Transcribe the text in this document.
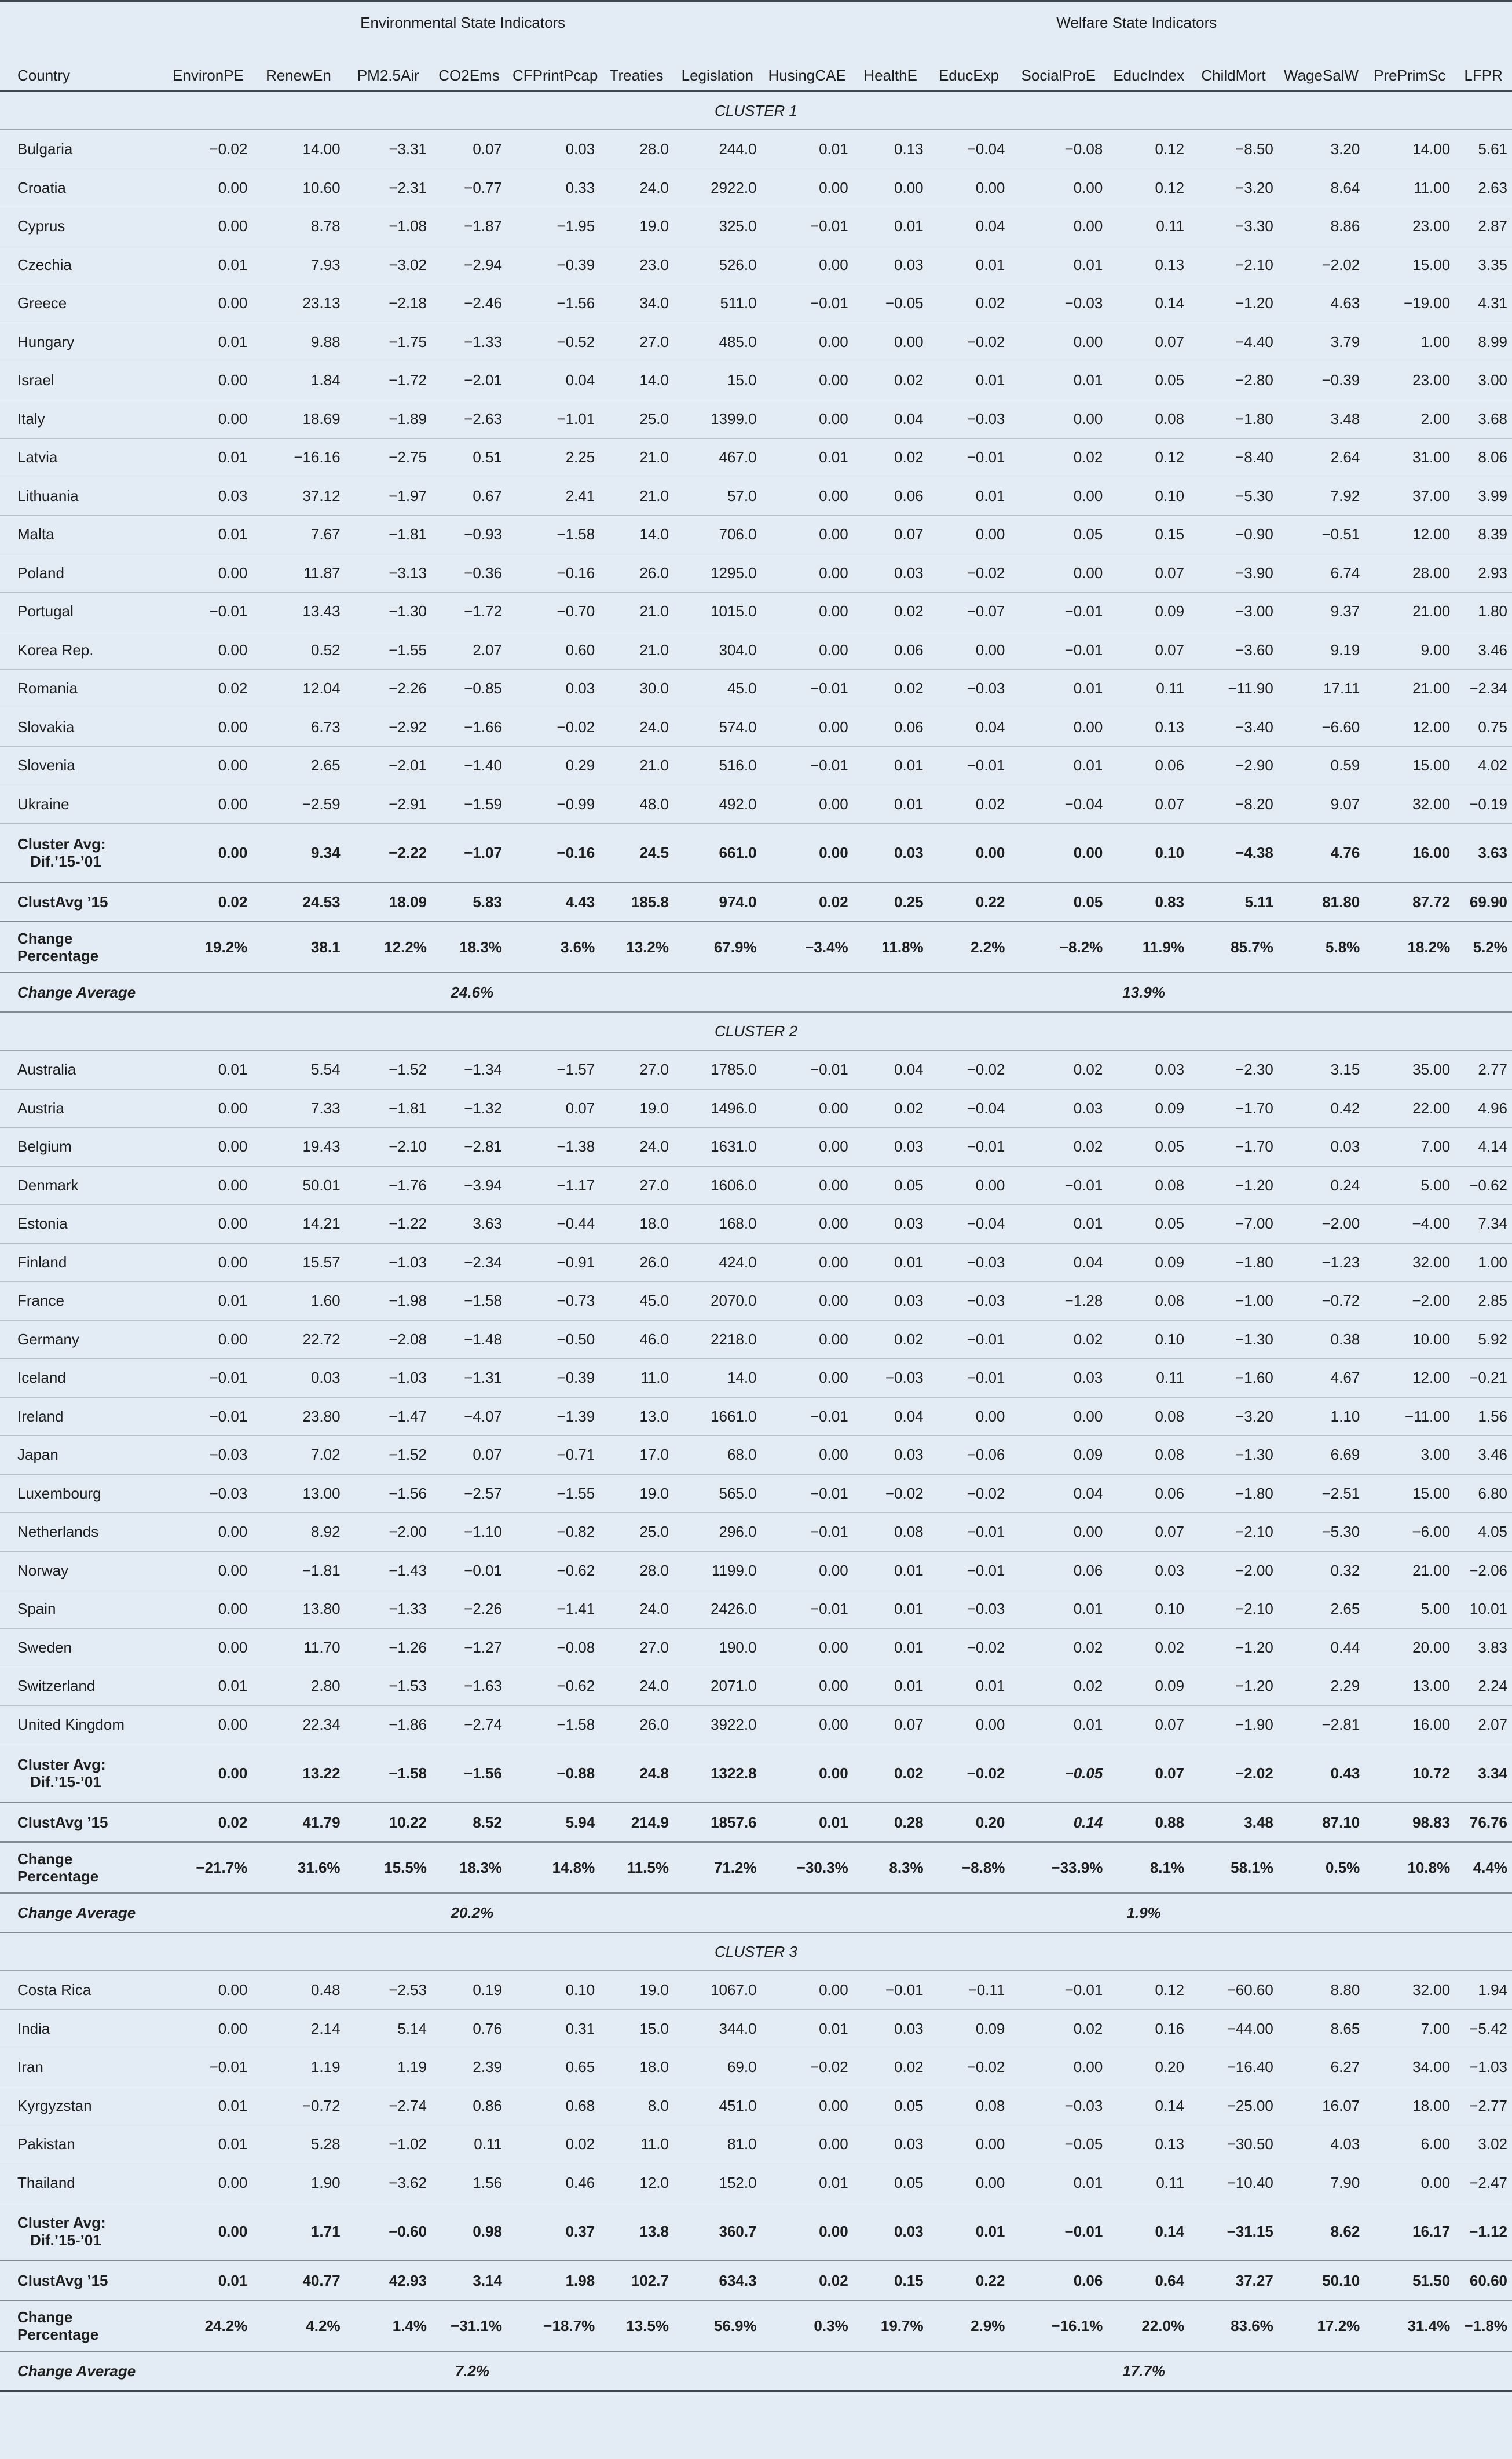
	Environmental State Indicators							Welfare State Indicators								
Country	EnvironPE	RenewEn	PM2.5Air	CO2Ems	CFPrintPcap	Treaties	Legislation	HusingCAE	HealthE	EducExp	SocialProE	EducIndex	ChildMort	WageSalW	PrePrimSc	LFPR
CLUSTER 1																
Bulgaria	−0.02	14.00	−3.31	0.07	0.03	28.0	244.0	0.01	0.13	−0.04	−0.08	0.12	−8.50	3.20	14.00	5.61
Croatia	0.00	10.60	−2.31	−0.77	0.33	24.0	2922.0	0.00	0.00	0.00	0.00	0.12	−3.20	8.64	11.00	2.63
Cyprus	0.00	8.78	−1.08	−1.87	−1.95	19.0	325.0	−0.01	0.01	0.04	0.00	0.11	−3.30	8.86	23.00	2.87
Czechia	0.01	7.93	−3.02	−2.94	−0.39	23.0	526.0	0.00	0.03	0.01	0.01	0.13	−2.10	−2.02	15.00	3.35
Greece	0.00	23.13	−2.18	−2.46	−1.56	34.0	511.0	−0.01	−0.05	0.02	−0.03	0.14	−1.20	4.63	−19.00	4.31
Hungary	0.01	9.88	−1.75	−1.33	−0.52	27.0	485.0	0.00	0.00	−0.02	0.00	0.07	−4.40	3.79	1.00	8.99
Israel	0.00	1.84	−1.72	−2.01	0.04	14.0	15.0	0.00	0.02	0.01	0.01	0.05	−2.80	−0.39	23.00	3.00
Italy	0.00	18.69	−1.89	−2.63	−1.01	25.0	1399.0	0.00	0.04	−0.03	0.00	0.08	−1.80	3.48	2.00	3.68
Latvia	0.01	−16.16	−2.75	0.51	2.25	21.0	467.0	0.01	0.02	−0.01	0.02	0.12	−8.40	2.64	31.00	8.06
Lithuania	0.03	37.12	−1.97	0.67	2.41	21.0	57.0	0.00	0.06	0.01	0.00	0.10	−5.30	7.92	37.00	3.99
Malta	0.01	7.67	−1.81	−0.93	−1.58	14.0	706.0	0.00	0.07	0.00	0.05	0.15	−0.90	−0.51	12.00	8.39
Poland	0.00	11.87	−3.13	−0.36	−0.16	26.0	1295.0	0.00	0.03	−0.02	0.00	0.07	−3.90	6.74	28.00	2.93
Portugal	−0.01	13.43	−1.30	−1.72	−0.70	21.0	1015.0	0.00	0.02	−0.07	−0.01	0.09	−3.00	9.37	21.00	1.80
Korea Rep.	0.00	0.52	−1.55	2.07	0.60	21.0	304.0	0.00	0.06	0.00	−0.01	0.07	−3.60	9.19	9.00	3.46
Romania	0.02	12.04	−2.26	−0.85	0.03	30.0	45.0	−0.01	0.02	−0.03	0.01	0.11	−11.90	17.11	21.00	−2.34
Slovakia	0.00	6.73	−2.92	−1.66	−0.02	24.0	574.0	0.00	0.06	0.04	0.00	0.13	−3.40	−6.60	12.00	0.75
Slovenia	0.00	2.65	−2.01	−1.40	0.29	21.0	516.0	−0.01	0.01	−0.01	0.01	0.06	−2.90	0.59	15.00	4.02
Ukraine	0.00	−2.59	−2.91	−1.59	−0.99	48.0	492.0	0.00	0.01	0.02	−0.04	0.07	−8.20	9.07	32.00	−0.19

Cluster Avg:
Dif.’15-’01	0.00	9.34	−2.22	−1.07	−0.16	24.5	661.0	0.00	0.03	0.00	0.00	0.10	−4.38	4.76	16.00	3.63
ClustAvg ’15	0.02	24.53	18.09	5.83	4.43	185.8	974.0	0.02	0.25	0.22	0.05	0.83	5.11	81.80	87.72	69.90

Change
Percentage	19.2%	38.1	12.2%	18.3%	3.6%	13.2%	67.9%	−3.4%	11.8%	2.2%	−8.2%	11.9%	85.7%	5.8%	18.2%	5.2%
Change Average			24.6%								13.9%					
CLUSTER 2																
Australia	0.01	5.54	−1.52	−1.34	−1.57	27.0	1785.0	−0.01	0.04	−0.02	0.02	0.03	−2.30	3.15	35.00	2.77
Austria	0.00	7.33	−1.81	−1.32	0.07	19.0	1496.0	0.00	0.02	−0.04	0.03	0.09	−1.70	0.42	22.00	4.96
Belgium	0.00	19.43	−2.10	−2.81	−1.38	24.0	1631.0	0.00	0.03	−0.01	0.02	0.05	−1.70	0.03	7.00	4.14
Denmark	0.00	50.01	−1.76	−3.94	−1.17	27.0	1606.0	0.00	0.05	0.00	−0.01	0.08	−1.20	0.24	5.00	−0.62
Estonia	0.00	14.21	−1.22	3.63	−0.44	18.0	168.0	0.00	0.03	−0.04	0.01	0.05	−7.00	−2.00	−4.00	7.34
Finland	0.00	15.57	−1.03	−2.34	−0.91	26.0	424.0	0.00	0.01	−0.03	0.04	0.09	−1.80	−1.23	32.00	1.00
France	0.01	1.60	−1.98	−1.58	−0.73	45.0	2070.0	0.00	0.03	−0.03	−1.28	0.08	−1.00	−0.72	−2.00	2.85
Germany	0.00	22.72	−2.08	−1.48	−0.50	46.0	2218.0	0.00	0.02	−0.01	0.02	0.10	−1.30	0.38	10.00	5.92
Iceland	−0.01	0.03	−1.03	−1.31	−0.39	11.0	14.0	0.00	−0.03	−0.01	0.03	0.11	−1.60	4.67	12.00	−0.21
Ireland	−0.01	23.80	−1.47	−4.07	−1.39	13.0	1661.0	−0.01	0.04	0.00	0.00	0.08	−3.20	1.10	−11.00	1.56
Japan	−0.03	7.02	−1.52	0.07	−0.71	17.0	68.0	0.00	0.03	−0.06	0.09	0.08	−1.30	6.69	3.00	3.46
Luxembourg	−0.03	13.00	−1.56	−2.57	−1.55	19.0	565.0	−0.01	−0.02	−0.02	0.04	0.06	−1.80	−2.51	15.00	6.80
Netherlands	0.00	8.92	−2.00	−1.10	−0.82	25.0	296.0	−0.01	0.08	−0.01	0.00	0.07	−2.10	−5.30	−6.00	4.05
Norway	0.00	−1.81	−1.43	−0.01	−0.62	28.0	1199.0	0.00	0.01	−0.01	0.06	0.03	−2.00	0.32	21.00	−2.06
Spain	0.00	13.80	−1.33	−2.26	−1.41	24.0	2426.0	−0.01	0.01	−0.03	0.01	0.10	−2.10	2.65	5.00	10.01
Sweden	0.00	11.70	−1.26	−1.27	−0.08	27.0	190.0	0.00	0.01	−0.02	0.02	0.02	−1.20	0.44	20.00	3.83
Switzerland	0.01	2.80	−1.53	−1.63	−0.62	24.0	2071.0	0.00	0.01	0.01	0.02	0.09	−1.20	2.29	13.00	2.24
United Kingdom	0.00	22.34	−1.86	−2.74	−1.58	26.0	3922.0	0.00	0.07	0.00	0.01	0.07	−1.90	−2.81	16.00	2.07

Cluster Avg:
Dif.’15-’01	0.00	13.22	−1.58	−1.56	−0.88	24.8	1322.8	0.00	0.02	−0.02	−0.05	0.07	−2.02	0.43	10.72	3.34
ClustAvg ’15	0.02	41.79	10.22	8.52	5.94	214.9	1857.6	0.01	0.28	0.20	0.14	0.88	3.48	87.10	98.83	76.76

Change
Percentage	−21.7%	31.6%	15.5%	18.3%	14.8%	11.5%	71.2%	−30.3%	8.3%	−8.8%	−33.9%	8.1%	58.1%	0.5%	10.8%	4.4%
Change Average			20.2%								1.9%					
CLUSTER 3																
Costa Rica	0.00	0.48	−2.53	0.19	0.10	19.0	1067.0	0.00	−0.01	−0.11	−0.01	0.12	−60.60	8.80	32.00	1.94
India	0.00	2.14	5.14	0.76	0.31	15.0	344.0	0.01	0.03	0.09	0.02	0.16	−44.00	8.65	7.00	−5.42
Iran	−0.01	1.19	1.19	2.39	0.65	18.0	69.0	−0.02	0.02	−0.02	0.00	0.20	−16.40	6.27	34.00	−1.03
Kyrgyzstan	0.01	−0.72	−2.74	0.86	0.68	8.0	451.0	0.00	0.05	0.08	−0.03	0.14	−25.00	16.07	18.00	−2.77
Pakistan	0.01	5.28	−1.02	0.11	0.02	11.0	81.0	0.00	0.03	0.00	−0.05	0.13	−30.50	4.03	6.00	3.02
Thailand	0.00	1.90	−3.62	1.56	0.46	12.0	152.0	0.01	0.05	0.00	0.01	0.11	−10.40	7.90	0.00	−2.47

Cluster Avg:
Dif.’15-’01	0.00	1.71	−0.60	0.98	0.37	13.8	360.7	0.00	0.03	0.01	−0.01	0.14	−31.15	8.62	16.17	−1.12
ClustAvg ’15	0.01	40.77	42.93	3.14	1.98	102.7	634.3	0.02	0.15	0.22	0.06	0.64	37.27	50.10	51.50	60.60

Change
Percentage	24.2%	4.2%	1.4%	−31.1%	−18.7%	13.5%	56.9%	0.3%	19.7%	2.9%	−16.1%	22.0%	83.6%	17.2%	31.4%	−1.8%
Change Average			7.2%								17.7%					
